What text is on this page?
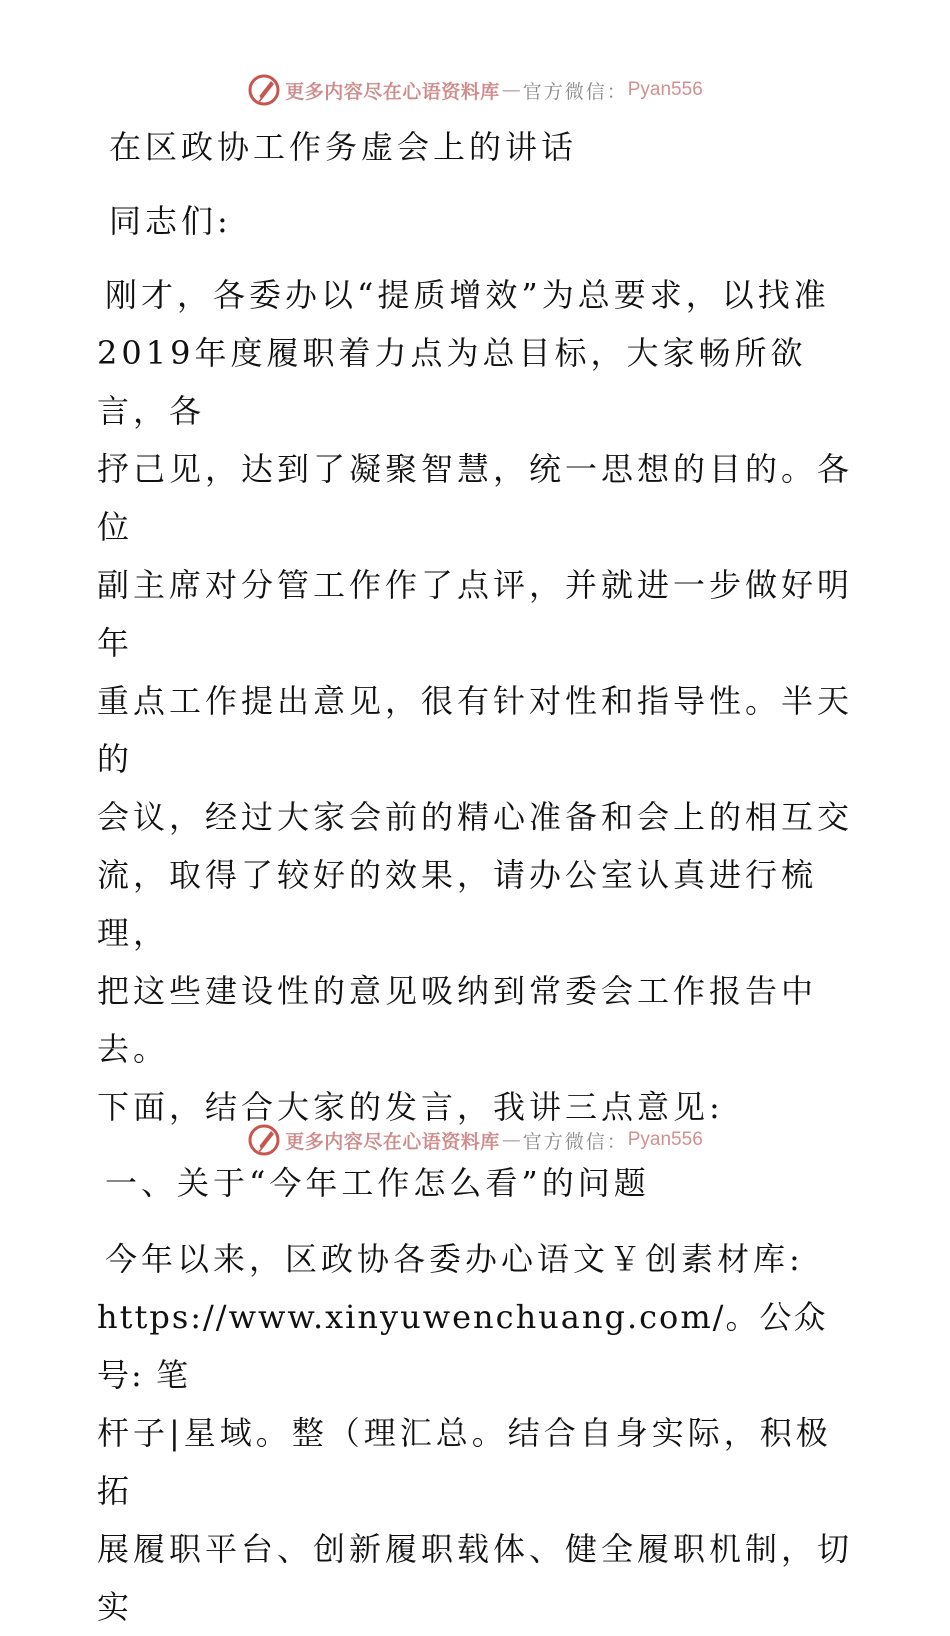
更多内容尽在心语资料库 — 官方微信： Pyan556

在区政协工作务虚会上的讲话

同志们:

刚才，各委办以“提质增效”为总要求，以找准

2019年度履职着力点为总目标，大家畅所欲言，各

抒己见，达到了凝聚智慧，统一思想的目的。各位

副主席对分管工作作了点评，并就进一步做好明年

重点工作提出意见，很有针对性和指导性。半天的

会议，经过大家会前的精心准备和会上的相互交

流，取得了较好的效果，请办公室认真进行梳理，

把这些建设性的意见吸纳到常委会工作报告中去。

下面，结合大家的发言，我讲三点意见:

一、关于“今年工作怎么看”的问题

今年以来，区政协各委办心语文￥创素材库:

https://www.xinyuwenchuang.com/。公众号: 笔

杆子|星域。整（理汇总。结合自身实际，积极拓

展履职平台、创新履职载体、健全履职机制，切实

更多内容尽在心语资料库 — 官方微信： Pyan556
